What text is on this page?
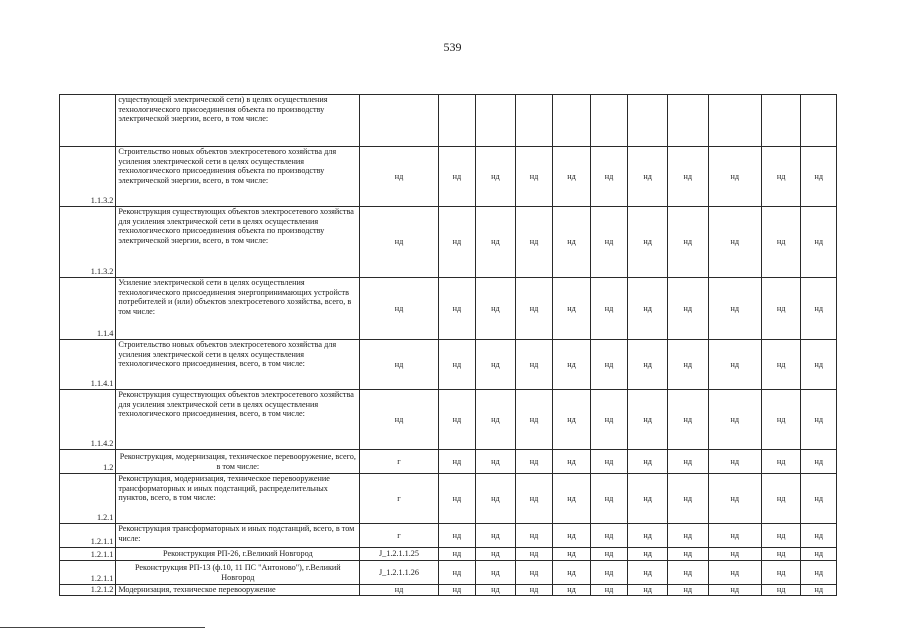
539
	существующей электрической сети) в целях осуществления технологического присоединения объекта по производству электрической энергии, всего, в том числе:											
1.1.3.2	Строительство новых объектов электросетевого хозяйства для усиления электрической сети в целях осуществления технологического присоединения объекта по производству электрической энергии, всего, в том числе:	нд	нд	нд	нд	нд	нд	нд	нд	нд	нд	нд
1.1.3.2	Реконструкция существующих объектов электросетевого хозяйства для усиления электрической сети в целях осуществления технологического присоединения объекта по производству электрической энергии, всего, в том числе:	нд	нд	нд	нд	нд	нд	нд	нд	нд	нд	нд
1.1.4	Усиление электрической сети в целях осуществления технологического присоединения энергопринимающих устройств потребителей и (или) объектов электросетевого хозяйства, всего, в том числе:	нд	нд	нд	нд	нд	нд	нд	нд	нд	нд	нд
1.1.4.1	Строительство новых объектов электросетевого хозяйства для усиления электрической сети в целях осуществления технологического присоединения, всего, в том числе:	нд	нд	нд	нд	нд	нд	нд	нд	нд	нд	нд
1.1.4.2	Реконструкция существующих объектов электросетевого хозяйства для усиления электрической сети в целях осуществления технологического присоединения, всего, в том числе:	нд	нд	нд	нд	нд	нд	нд	нд	нд	нд	нд
1.2	Реконструкция, модернизация, техническое перевооружение, всего, в том числе:	г	нд	нд	нд	нд	нд	нд	нд	нд	нд	нд
1.2.1	Реконструкция, модернизация, техническое перевооружение трансформаторных и иных подстанций, распределительных пунктов, всего, в том числе:	г	нд	нд	нд	нд	нд	нд	нд	нд	нд	нд
1.2.1.1	Реконструкция трансформаторных и иных подстанций, всего, в том числе:	г	нд	нд	нд	нд	нд	нд	нд	нд	нд	нд
1.2.1.1	Реконструкция РП-26, г.Великий Новгород	J_1.2.1.1.25	нд	нд	нд	нд	нд	нд	нд	нд	нд	нд
1.2.1.1	Реконструкция РП-13 (ф.10, 11 ПС "Антоново"), г.Великий Новгород	J_1.2.1.1.26	нд	нд	нд	нд	нд	нд	нд	нд	нд	нд
1.2.1.2	Модернизация, техническое перевооружение	нд	нд	нд	нд	нд	нд	нд	нд	нд	нд	нд
